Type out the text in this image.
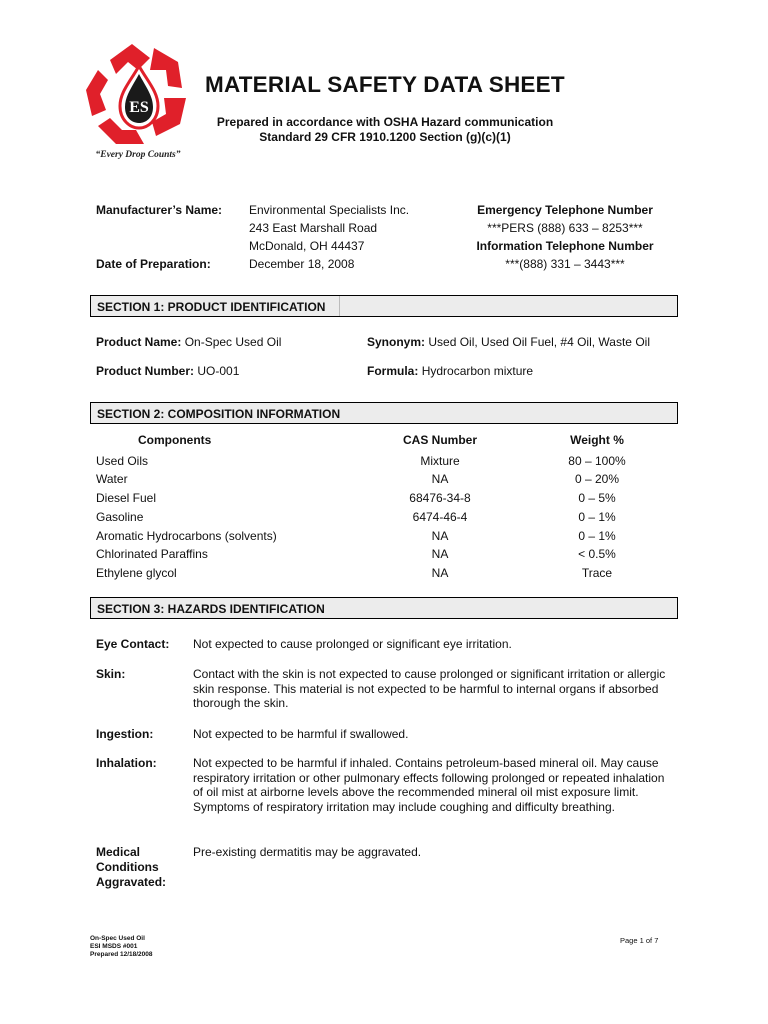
ES
“Every Drop Counts”
MATERIAL SAFETY DATA SHEET
Prepared in accordance with OSHA Hazard communication
Standard 29 CFR 1910.1200 Section (g)(c)(1)
Manufacturer’s Name: Environmental Specialists Inc.
243 East Marshall Road
McDonald, OH 44437
Date of Preparation:	December 18, 2008
Emergency Telephone Number
***PERS (888) 633 – 8253***
Information Telephone Number
***(888) 331 – 3443***
SECTION 1: PRODUCT IDENTIFICATION
Product Name: On-Spec Used Oil	Synonym: Used Oil, Used Oil Fuel, #4 Oil, Waste Oil
Product Number: UO-001	Formula: Hydrocarbon mixture
SECTION 2: COMPOSITION INFORMATION
Components	CAS Number	Weight %
Used Oils	Mixture	80 – 100%
Water	NA	0 – 20%
Diesel Fuel	68476-34-8	0 – 5%
Gasoline	6474-46-4	0 – 1%
Aromatic Hydrocarbons (solvents)	NA	0 – 1%
Chlorinated Paraffins	NA	< 0.5%
Ethylene glycol	NA	Trace
SECTION 3: HAZARDS IDENTIFICATION
Eye Contact:	Not expected to cause prolonged or significant eye irritation.
Skin:	Contact with the skin is not expected to cause prolonged or significant irritation or allergic skin response. This material is not expected to be harmful to internal organs if absorbed thorough the skin.
Ingestion:	Not expected to be harmful if swallowed.
Inhalation:	Not expected to be harmful if inhaled. Contains petroleum-based mineral oil. May cause respiratory irritation or other pulmonary effects following prolonged or repeated inhalation of oil mist at airborne levels above the recommended mineral oil mist exposure limit. Symptoms of respiratory irritation may include coughing and difficulty breathing.
Medical Conditions Aggravated:
Pre-existing dermatitis may be aggravated.
On-Spec Used Oil
ESI MSDS #001
Prepared 12/18/2008
Page 1 of 7
